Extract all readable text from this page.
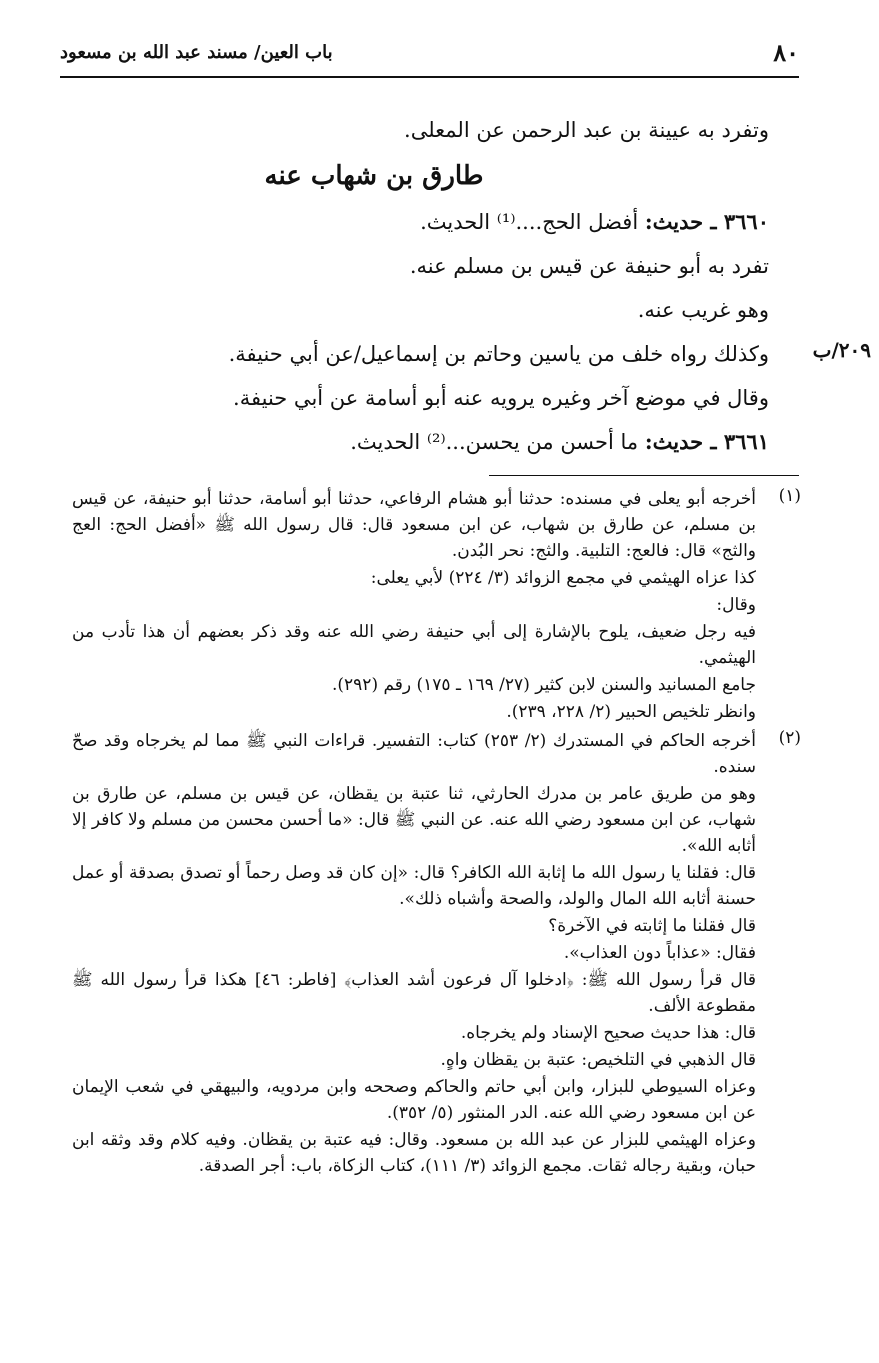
٨٠
باب العين/ مسند عبد الله بن مسعود
٢٠٩/ب

وتفرد به عيينة بن عبد الرحمن عن المعلى.

طارق بن شهاب عنه

٣٦٦٠ ـ حديث: أفضل الحج....⁽¹⁾ الحديث.

تفرد به أبو حنيفة عن قيس بن مسلم عنه.

وهو غريب عنه.

وكذلك رواه خلف من ياسين وحاتم بن إسماعيل/عن أبي حنيفة.

وقال في موضع آخر وغيره يرويه عنه أبو أسامة عن أبي حنيفة.

٣٦٦١ ـ حديث: ما أحسن من يحسن...⁽²⁾ الحديث.

(١)

أخرجه أبو يعلى في مسنده: حدثنا أبو هشام الرفاعي، حدثنا أبو أسامة، حدثنا أبو حنيفة، عن قيس بن مسلم، عن طارق بن شهاب، عن ابن مسعود قال: قال رسول الله ﷺ «أفضل الحج: العج والثج» قال: فالعج: التلبية. والثج: نحر البُدن.

كذا عزاه الهيثمي في مجمع الزوائد (٣/ ٢٢٤) لأبي يعلى:

وقال:

فيه رجل ضعيف، يلوح بالإشارة إلى أبي حنيفة رضي الله عنه وقد ذكر بعضهم أن هذا تأدب من الهيثمي.

جامع المسانيد والسنن لابن كثير (٢٧/ ١٦٩ ـ ١٧٥) رقم (٢٩٢).

وانظر تلخيص الحبير (٢/ ٢٢٨، ٢٣٩).

(٢)

أخرجه الحاكم في المستدرك (٢/ ٢٥٣) كتاب: التفسير. قراءات النبي ﷺ مما لم يخرجاه وقد صحّ سنده.

وهو من طريق عامر بن مدرك الحارثي، ثنا عتبة بن يقظان، عن قيس بن مسلم، عن طارق بن شهاب، عن ابن مسعود رضي الله عنه. عن النبي ﷺ قال: «ما أحسن محسن من مسلم ولا كافر إلا أثابه الله».

قال: فقلنا يا رسول الله ما إثابة الله الكافر؟ قال: «إن كان قد وصل رحماً أو تصدق بصدقة أو عمل حسنة أثابه الله المال والولد، والصحة وأشباه ذلك».

قال فقلنا ما إثابته في الآخرة؟

فقال: «عذاباً دون العذاب».

قال قرأ رسول الله ﷺ: ﴿ادخلوا آل فرعون أشد العذاب﴾ [فاطر: ٤٦] هكذا قرأ رسول الله ﷺ مقطوعة الألف.

قال: هذا حديث صحيح الإسناد ولم يخرجاه.

قال الذهبي في التلخيص: عتبة بن يقظان واهٍ.

وعزاه السيوطي للبزار، وابن أبي حاتم والحاكم وصححه وابن مردويه، والبيهقي في شعب الإيمان عن ابن مسعود رضي الله عنه. الدر المنثور (٥/ ٣٥٢).

وعزاه الهيثمي للبزار عن عبد الله بن مسعود. وقال: فيه عتبة بن يقظان. وفيه كلام وقد وثقه ابن حبان، وبقية رجاله ثقات. مجمع الزوائد (٣/ ١١١)، كتاب الزكاة، باب: أجر الصدقة.
